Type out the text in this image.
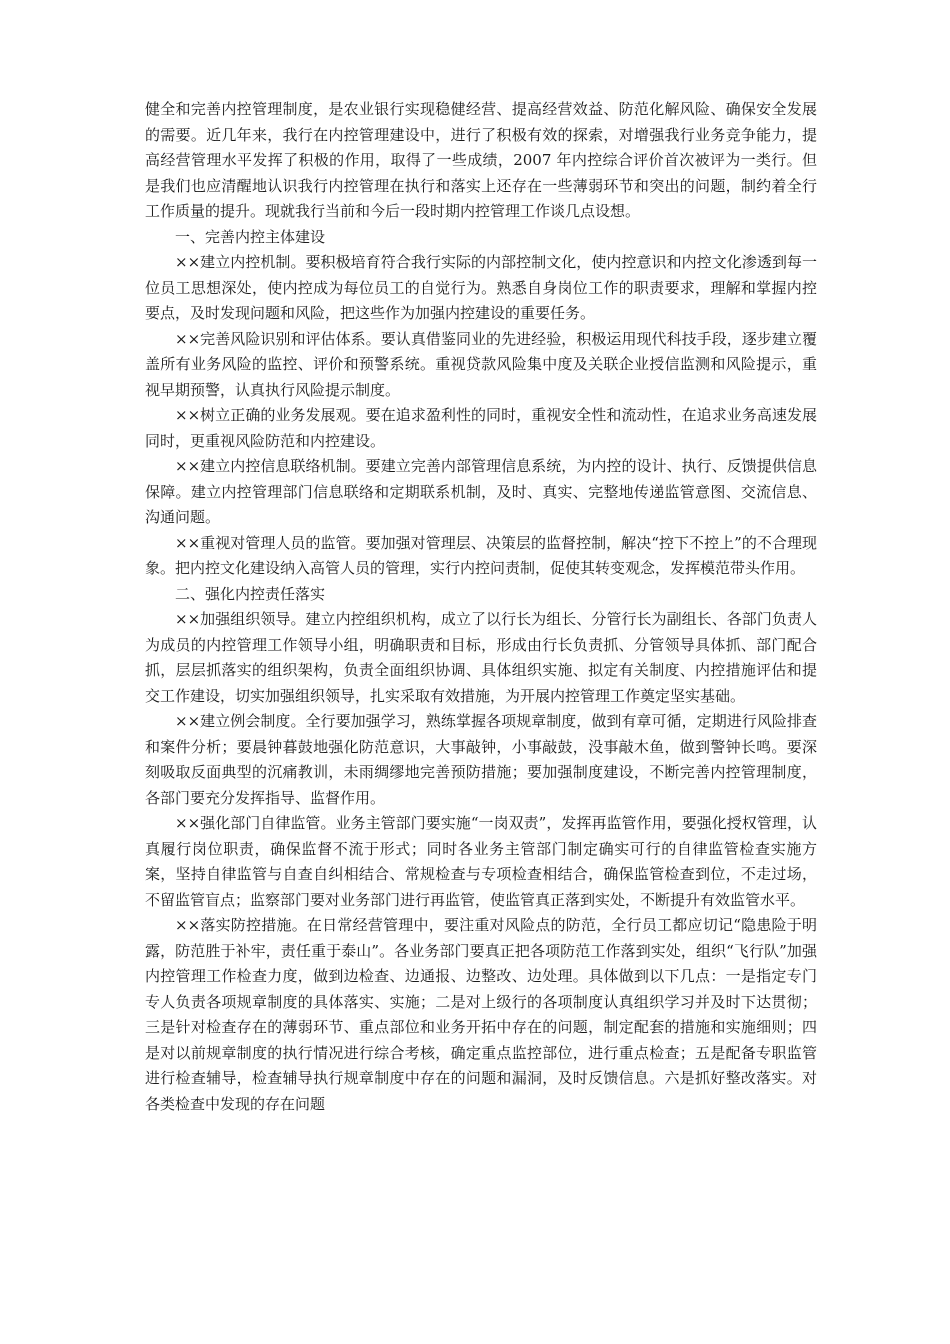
健全和完善内控管理制度，是农业银行实现稳健经营、提高经营效益、防范化解风险、确保安全发展的需要。近几年来，我行在内控管理建设中，进行了积极有效的探索，对增强我行业务竞争能力，提高经营管理水平发挥了积极的作用，取得了一些成绩，2007 年内控综合评价首次被评为一类行。但是我们也应清醒地认识我行内控管理在执行和落实上还存在一些薄弱环节和突出的问题，制约着全行工作质量的提升。现就我行当前和今后一段时期内控管理工作谈几点设想。

一、完善内控主体建设

××建立内控机制。要积极培育符合我行实际的内部控制文化，使内控意识和内控文化渗透到每一位员工思想深处，使内控成为每位员工的自觉行为。熟悉自身岗位工作的职责要求，理解和掌握内控要点，及时发现问题和风险，把这些作为加强内控建设的重要任务。

××完善风险识别和评估体系。要认真借鉴同业的先进经验，积极运用现代科技手段，逐步建立覆盖所有业务风险的监控、评价和预警系统。重视贷款风险集中度及关联企业授信监测和风险提示，重视早期预警，认真执行风险提示制度。

××树立正确的业务发展观。要在追求盈利性的同时，重视安全性和流动性，在追求业务高速发展同时，更重视风险防范和内控建设。

××建立内控信息联络机制。要建立完善内部管理信息系统，为内控的设计、执行、反馈提供信息保障。建立内控管理部门信息联络和定期联系机制，及时、真实、完整地传递监管意图、交流信息、沟通问题。

××重视对管理人员的监管。要加强对管理层、决策层的监督控制，解决“控下不控上”的不合理现象。把内控文化建设纳入高管人员的管理，实行内控问责制，促使其转变观念，发挥模范带头作用。

二、强化内控责任落实

××加强组织领导。建立内控组织机构，成立了以行长为组长、分管行长为副组长、各部门负责人为成员的内控管理工作领导小组，明确职责和目标，形成由行长负责抓、分管领导具体抓、部门配合抓，层层抓落实的组织架构，负责全面组织协调、具体组织实施、拟定有关制度、内控措施评估和提交工作建设，切实加强组织领导，扎实采取有效措施，为开展内控管理工作奠定坚实基础。

××建立例会制度。全行要加强学习，熟练掌握各项规章制度，做到有章可循，定期进行风险排查和案件分析；要晨钟暮鼓地强化防范意识，大事敲钟，小事敲鼓，没事敲木鱼，做到警钟长鸣。要深刻吸取反面典型的沉痛教训，未雨绸缪地完善预防措施；要加强制度建设，不断完善内控管理制度，各部门要充分发挥指导、监督作用。

××强化部门自律监管。业务主管部门要实施“一岗双责”，发挥再监管作用，要强化授权管理，认真履行岗位职责，确保监督不流于形式；同时各业务主管部门制定确实可行的自律监管检查实施方案，坚持自律监管与自查自纠相结合、常规检查与专项检查相结合，确保监管检查到位，不走过场，不留监管盲点；监察部门要对业务部门进行再监管，使监管真正落到实处，不断提升有效监管水平。

××落实防控措施。在日常经营管理中，要注重对风险点的防范，全行员工都应切记“隐患险于明露，防范胜于补牢，责任重于泰山”。各业务部门要真正把各项防范工作落到实处，组织“飞行队”加强内控管理工作检查力度，做到边检查、边通报、边整改、边处理。具体做到以下几点：一是指定专门专人负责各项规章制度的具体落实、实施；二是对上级行的各项制度认真组织学习并及时下达贯彻；三是针对检查存在的薄弱环节、重点部位和业务开拓中存在的问题，制定配套的措施和实施细则；四是对以前规章制度的执行情况进行综合考核，确定重点监控部位，进行重点检查；五是配备专职监管进行检查辅导，检查辅导执行规章制度中存在的问题和漏洞，及时反馈信息。六是抓好整改落实。对各类检查中发现的存在问题
